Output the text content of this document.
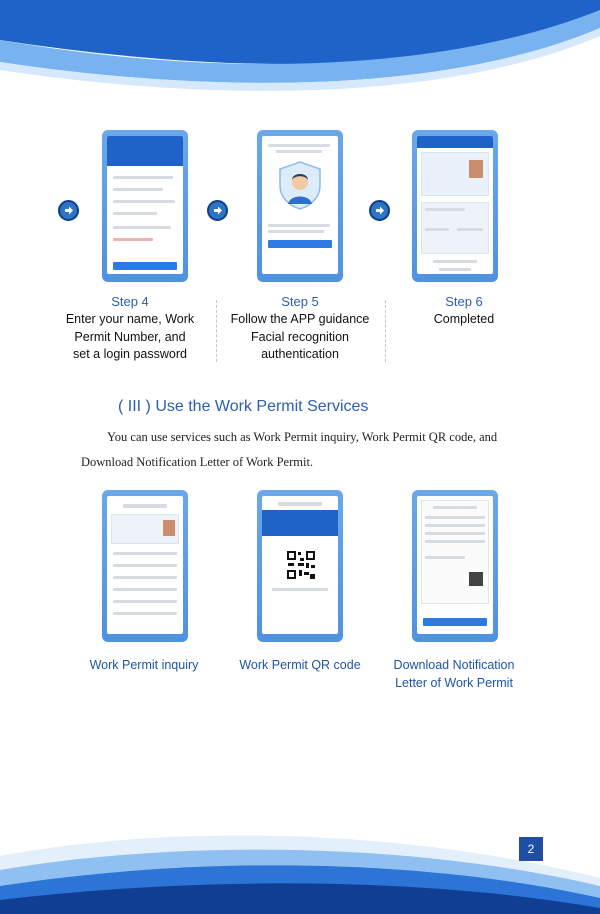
Step 4
Enter your name, Work
Permit Number, and
set a login password
Step 5
Follow the APP guidance
Facial recognition
authentication
Step 6
Completed
( III ) Use the Work Permit Services
You can use services such as Work Permit inquiry, Work Permit QR code, and
Download Notification Letter of Work Permit.
Work Permit inquiry	Work Permit QR code	Download Notification
Letter of Work Permit
2
